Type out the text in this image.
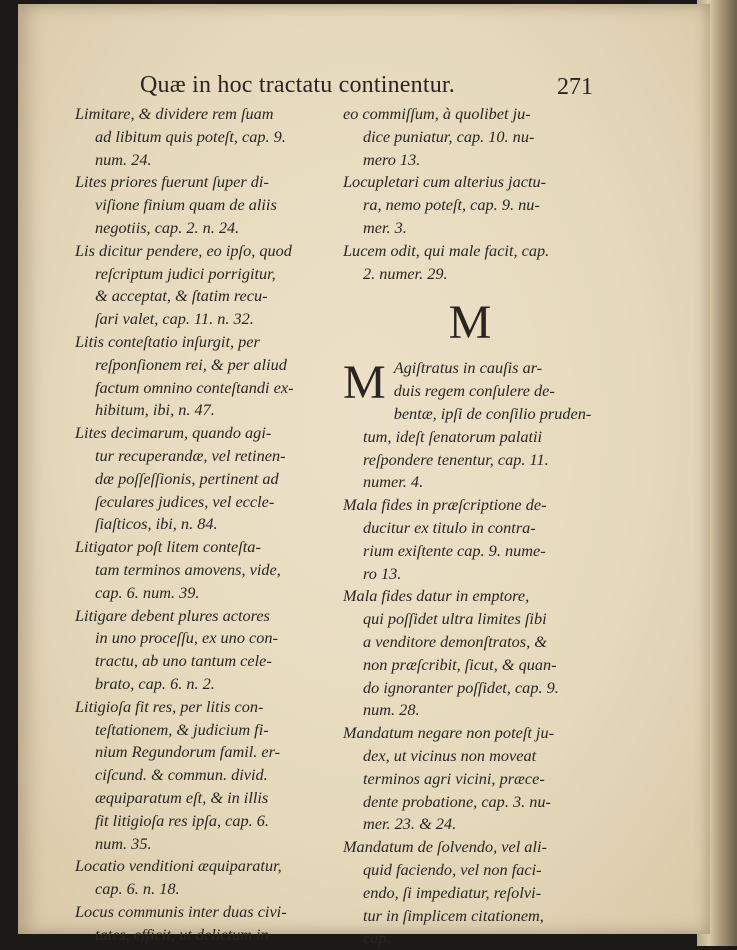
Quæ in hoc tractatu continentur.	271
Limitare, & dividere rem ſuam
ad libitum quis poteſt, cap. 9.
num. 24.
Lites priores fuerunt ſuper di-
viſione finium quam de aliis
negotiis, cap. 2. n. 24.
Lis dicitur pendere, eo ipſo, quod
reſcriptum judici porrigitur,
& acceptat, & ſtatim recu-
ſari valet, cap. 11. n. 32.
Litis conteſtatio inſurgit, per
reſponſionem rei, & per aliud
factum omnino conteſtandi ex-
hibitum, ibi, n. 47.
Lites decimarum, quando agi-
tur recuperandæ, vel retinen-
dæ poſſeſſionis, pertinent ad
ſeculares judices, vel eccle-
ſiaſticos, ibi, n. 84.
Litigator poſt litem conteſta-
tam terminos amovens, vide,
cap. 6. num. 39.
Litigare debent plures actores
in uno proceſſu, ex uno con-
tractu, ab uno tantum cele-
brato, cap. 6. n. 2.
Litigioſa fit res, per litis con-
teſtationem, & judicium fi-
nium Regundorum famil. er-
ciſcund. & commun. divid.
æquiparatum eſt, & in illis
fit litigioſa res ipſa, cap. 6.
num. 35.
Locatio venditioni æquiparatur,
cap. 6. n. 18.
Locus communis inter duas civi-
tates, efficit, ut delictum in
eo commiſſum, à quolibet ju-
dice puniatur, cap. 10. nu-
mero 13.
Locupletari cum alterius jactu-
ra, nemo poteſt, cap. 9. nu-
mer. 3.
Lucem odit, qui male facit, cap.
2. numer. 29.
M
M Agiſtratus in cauſis ar-
duis regem conſulere de-
bentæ, ipſi de conſilio pruden-
tum, ideſt ſenatorum palatii
reſpondere tenentur, cap. 11.
numer. 4.
Mala fides in præſcriptione de-
ducitur ex titulo in contra-
rium exiſtente cap. 9. nume-
ro 13.
Mala fides datur in emptore,
qui poſſidet ultra limites ſibi
a venditore demonſtratos, &
non præſcribit, ſicut, & quan-
do ignoranter poſſidet, cap. 9.
num. 28.
Mandatum negare non poteſt ju-
dex, ut vicinus non moveat
terminos agri vicini, præce-
dente probatione, cap. 3. nu-
mer. 23. & 24.
Mandatum de ſolvendo, vel ali-
quid faciendo, vel non faci-
endo, ſi impediatur, reſolvi-
tur in ſimplicem citationem,
cap.
